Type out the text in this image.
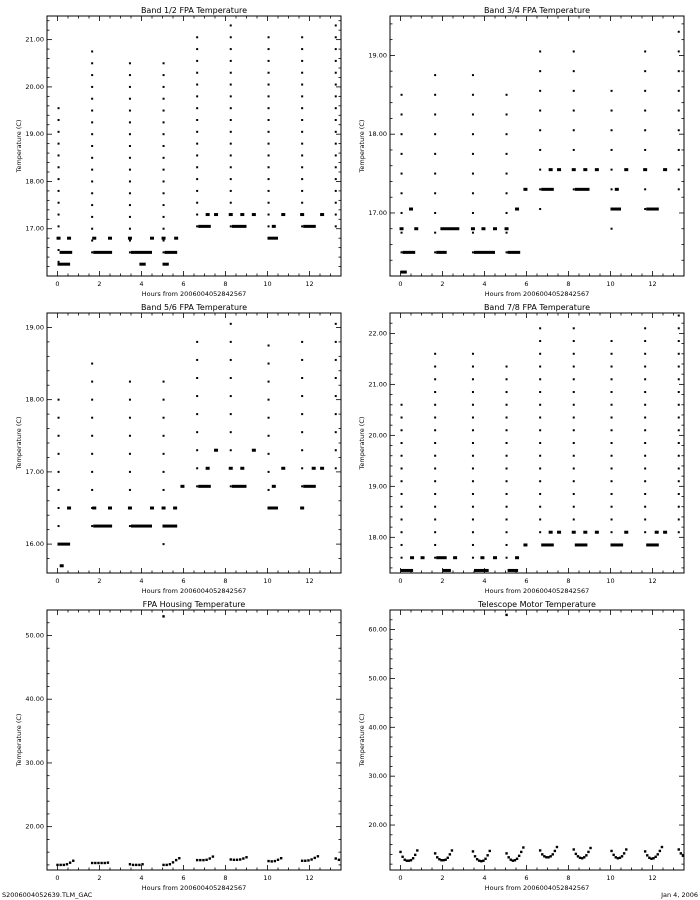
Band 1/2 FPA Temperature
Hours from 2006004052842567
Temperature (C)
0	2	4	6	8	10	12
17.00
18.00
19.00
20.00
21.00
Band 3/4 FPA Temperature
Hours from 2006004052842567
Temperature (C)
0	2	4	6	8	10	12
17.00
18.00
19.00
Band 5/6 FPA Temperature
Hours from 2006004052842567
Temperature (C)
0	2	4	6	8	10	12
16.00
17.00
18.00
19.00
Band 7/8 FPA Temperature
Hours from 2006004052842567
Temperature (C)
0	2	4	6	8	10	12
18.00
19.00
20.00
21.00
22.00
FPA Housing Temperature
Hours from 2006004052842567
Temperature (C)
0	2	4	6	8	10	12
20.00
30.00
40.00
50.00
Telescope Motor Temperature
Hours from 2006004052842567
Temperature (C)
0	2	4	6	8	10	12
20.00
30.00
40.00
50.00
60.00
S2006004052639.TLM_GAC	Jan 4, 2006
